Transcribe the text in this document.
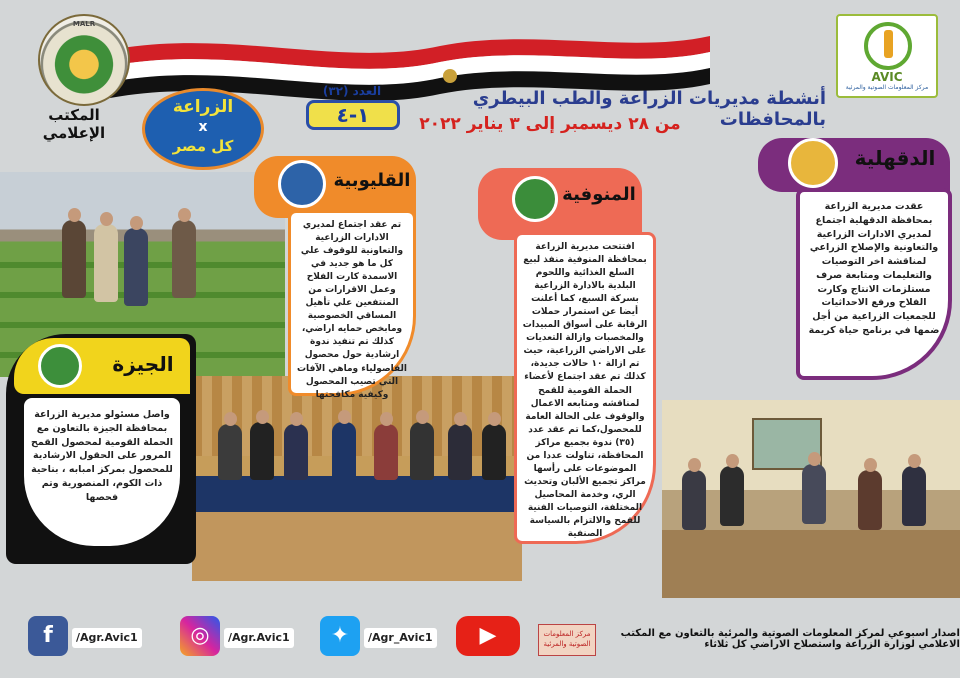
MALR
المكتب الإعلامي
AVIC
مركز المعلومات الصوتية والمرئية
الزراعة
x
كل مصر
العدد (٣٢)
١-٤
أنشطة مديريات الزراعة والطب البيطري بالمحافظات
من ٢٨ ديسمبر إلى ٣ يناير ٢٠٢٢
الدقهلية
عقدت مديرية الزراعة بمحافظة الدقهلية اجتماع لمديري الادارات الزراعية والتعاونية والإصلاح الزراعي لمناقشة اخر التوصيات والتعليمات ومتابعة صرف مستلزمات الانتاج وكارت الفلاح ورفع الاحداثيات للجمعيات الزراعية من أجل ضمها في برنامج حياة كريمة
المنوفية
افتتحت مديرية الزراعة بمحافظة المنوفية منفذ لبيع السلع الغذائية واللحوم البلدية بالادارة الزراعية بسركة السبع، كما أعلنت أيضا عن استمرار حملات الرقابة على أسواق المبيدات والمخصبات وازالة التعديات على الاراضي الزراعية، حيث تم ازالة ١٠ حالات جديدة، كذلك تم عقد اجتماع لأعضاء الحملة القومية للقمح لمناقشه ومتابعه الاعمال والوقوف على الحالة العامة للمحصول،كما تم عقد عدد (٣٥) ندوة بجميع مراكز المحافظة، تناولت عددا من الموضوعات على رأسها مراكز تجميع الألبان وتحديث الري، وخدمة المحاصيل المختلفة، التوصيات الفنية للقمح والالتزام بالسياسة الصنفية
القليوبية
تم عقد اجتماع لمديري الادارات الزراعية والتعاونية للوقوف علي كل ما هو جديد في الاسمدة كارت الفلاح وعمل الاقرارات من المنتفعين علي تأهيل المساقي الخصوصية ومابخص حمايه اراضي، كذلك تم تنفيذ ندوة ارشادية حول محصول الفاصولياء وماهي الآفات التي تصيب المحصول وكيفيه مكافحتها
الجيزة
واصل مسئولو مديرية الزراعة بمحافظة الجيزة بالتعاون مع الحملة القومية لمحصول القمح المرور على الحقول الارشادية للمحصول بمركز امبابه ، بناحية ذات الكوم، المنصورية وتم فحصها
f	/Agr.Avic1	◎	/Agr.Avic1	✦	/Agr_Avic1	▶	مركز المعلومات الصوتية والمرئية
اصدار اسبوعي لمركز المعلومات الصوتية والمرئية بالتعاون مع المكتب الاعلامي لوزارة الزراعة واستصلاح الاراضي كل ثلاثاء
